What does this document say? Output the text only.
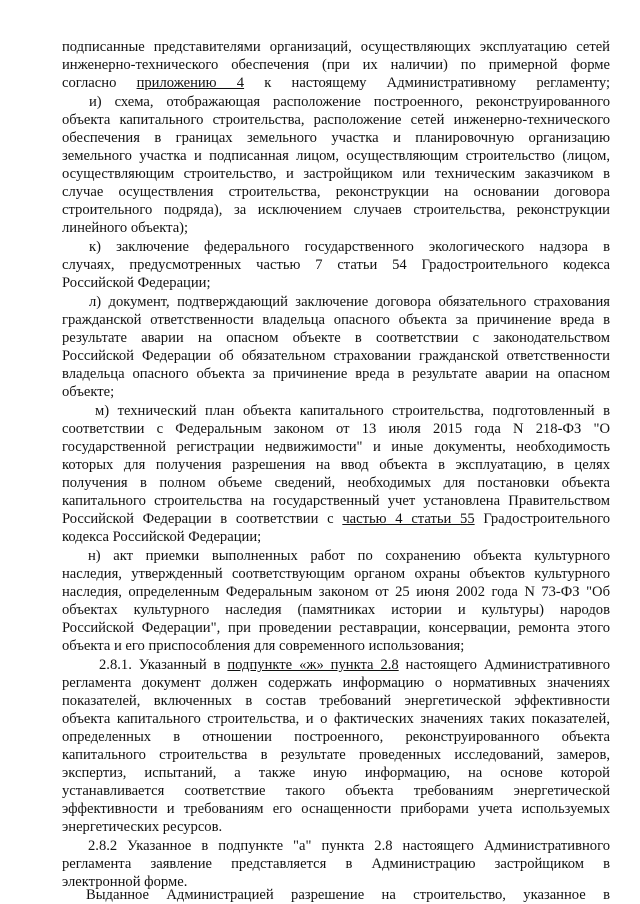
подписанные представителями организаций, осуществляющих эксплуатацию сетей
инженерно-технического обеспечения (при их наличии) по примерной форме
согласно приложению 4 к настоящему Административному регламенту;
и) схема, отображающая расположение построенного, реконструированного
объекта капитального строительства, расположение сетей инженерно-технического
обеспечения в границах земельного участка и планировочную организацию
земельного участка и подписанная лицом, осуществляющим строительство (лицом,
осуществляющим строительство, и застройщиком или техническим заказчиком в
случае осуществления строительства, реконструкции на основании договора
строительного подряда), за исключением случаев строительства, реконструкции
линейного объекта);
к) заключение федерального государственного экологического надзора в
случаях, предусмотренных частью 7 статьи 54 Градостроительного кодекса
Российской Федерации;
л) документ, подтверждающий заключение договора обязательного страхования
гражданской ответственности владельца опасного объекта за причинение вреда в
результате аварии на опасном объекте в соответствии с законодательством
Российской Федерации об обязательном страховании гражданской ответственности
владельца опасного объекта за причинение вреда в результате аварии на опасном
объекте;
м) технический план объекта капитального строительства, подготовленный в
соответствии с Федеральным законом от 13 июля 2015 года N 218-ФЗ "О
государственной регистрации недвижимости" и иные документы, необходимость
которых для получения разрешения на ввод объекта в эксплуатацию, в целях
получения в полном объеме сведений, необходимых для постановки объекта
капитального строительства на государственный учет установлена Правительством
Российской Федерации в соответствии с частью 4 статьи 55 Градостроительного
кодекса Российской Федерации;
н) акт приемки выполненных работ по сохранению объекта культурного
наследия, утвержденный соответствующим органом охраны объектов культурного
наследия, определенным Федеральным законом от 25 июня 2002 года N 73-ФЗ "Об
объектах культурного наследия (памятниках истории и культуры) народов
Российской Федерации", при проведении реставрации, консервации, ремонта этого
объекта и его приспособления для современного использования;
2.8.1. Указанный в подпункте «ж» пункта 2.8 настоящего Административного
регламента документ должен содержать информацию о нормативных значениях
показателей, включенных в состав требований энергетической эффективности
объекта капитального строительства, и о фактических значениях таких показателей,
определенных в отношении построенного, реконструированного объекта
капитального строительства в результате проведенных исследований, замеров,
экспертиз, испытаний, а также иную информацию, на основе которой
устанавливается соответствие такого объекта требованиям энергетической
эффективности и требованиям его оснащенности приборами учета используемых
энергетических ресурсов.
2.8.2 Указанное в подпункте "а" пункта 2.8 настоящего Административного
регламента заявление представляется в Администрацию застройщиком в
электронной форме.
Выданное Администрацией разрешение на строительство, указанное в
